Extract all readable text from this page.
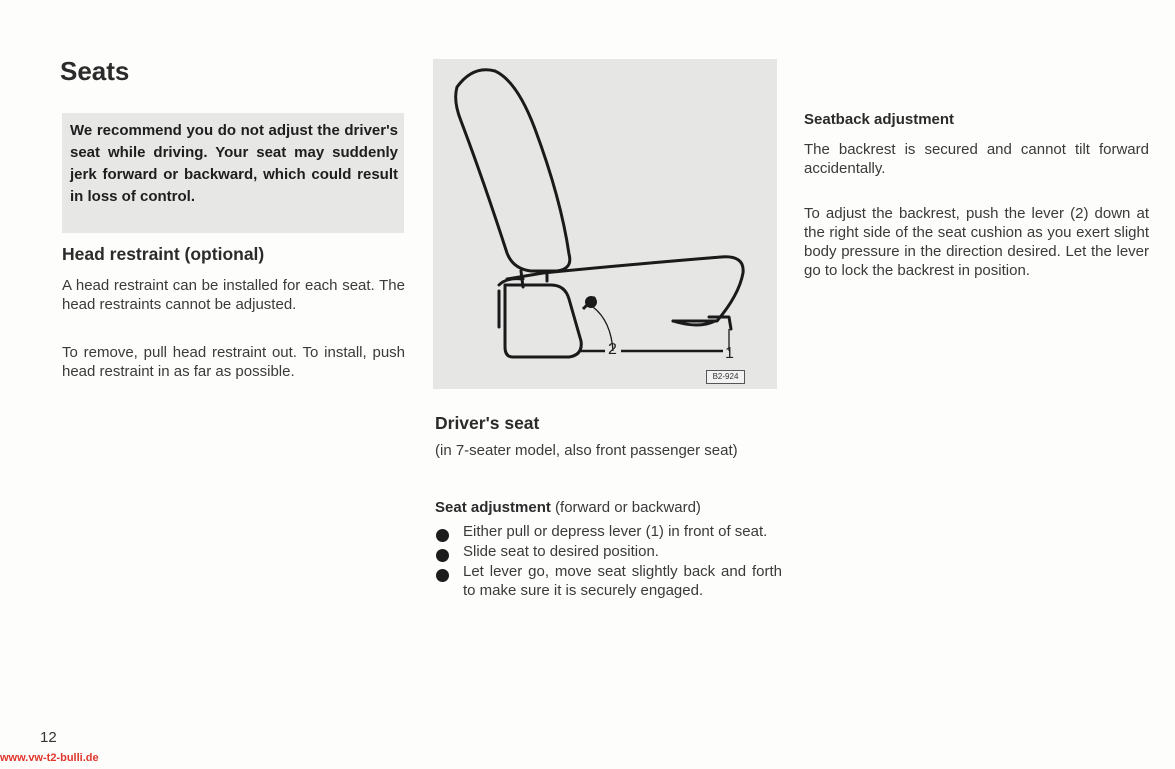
Seats
We recommend you do not adjust the driver's seat while driving. Your seat may suddenly jerk forward or backward, which could result in loss of control.
Head restraint (optional)

A head restraint can be installed for each seat. The head restraints cannot be adjusted.

To remove, pull head restraint out. To install, push head restraint in as far as possible.

2	1
B2-924
Driver's seat

(in 7-seater model, also front passenger seat)

Seat adjustment (forward or backward)
Either pull or depress lever (1) in front of seat.
Slide seat to desired position.
Let lever go, move seat slightly back and forth to make sure it is securely engaged.
Seatback adjustment

The backrest is secured and cannot tilt forward accidentally.

To adjust the backrest, push the lever (2) down at the right side of the seat cushion as you exert slight body pressure in the direction desired. Let the lever go to lock the backrest in position.

12
www.vw-t2-bulli.de
